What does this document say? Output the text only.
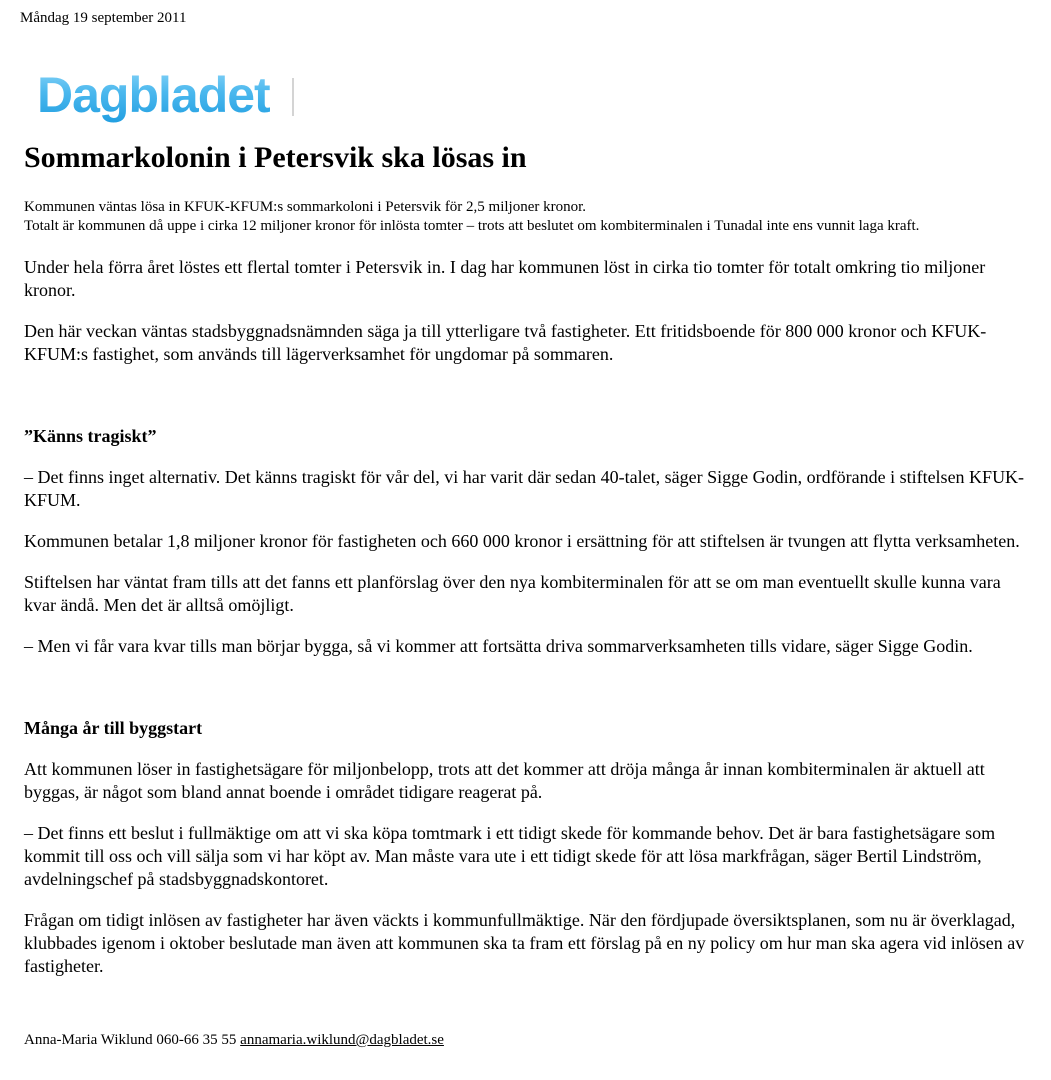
Måndag 19 september 2011
Dagbladet
Sommarkolonin i Petersvik ska lösas in

Kommunen väntas lösa in KFUK-KFUM:s sommarkoloni i Petersvik för 2,5 miljoner kronor.

Totalt är kommunen då uppe i cirka 12 miljoner kronor för inlösta tomter – trots att beslutet om kombiterminalen i Tunadal inte ens vunnit laga kraft.

Under hela förra året löstes ett flertal tomter i Petersvik in. I dag har kommunen löst in cirka tio tomter för totalt omkring tio miljoner kronor.

Den här veckan väntas stadsbyggnadsnämnden säga ja till ytterligare två fastigheter. Ett fritidsboende för 800 000 kronor och KFUK-KFUM:s fastighet, som används till lägerverksamhet för ungdomar på sommaren.

”Känns tragiskt”

– Det finns inget alternativ. Det känns tragiskt för vår del, vi har varit där sedan 40-talet, säger Sigge Godin, ordförande i stiftelsen KFUK-KFUM.

Kommunen betalar 1,8 miljoner kronor för fastigheten och 660 000 kronor i ersättning för att stiftelsen är tvungen att flytta verksamheten.

Stiftelsen har väntat fram tills att det fanns ett planförslag över den nya kombiterminalen för att se om man eventuellt skulle kunna vara kvar ändå. Men det är alltså omöjligt.

– Men vi får vara kvar tills man börjar bygga, så vi kommer att fortsätta driva sommarverksamheten tills vidare, säger Sigge Godin.

Många år till byggstart

Att kommunen löser in fastighetsägare för miljonbelopp, trots att det kommer att dröja många år innan kombiterminalen är aktuell att byggas, är något som bland annat boende i området tidigare reagerat på.

– Det finns ett beslut i fullmäktige om att vi ska köpa tomtmark i ett tidigt skede för kommande behov. Det är bara fastighetsägare som kommit till oss och vill sälja som vi har köpt av. Man måste vara ute i ett tidigt skede för att lösa markfrågan, säger Bertil Lindström, avdelningschef på stadsbyggnadskontoret.

Frågan om tidigt inlösen av fastigheter har även väckts i kommunfullmäktige. När den fördjupade översiktsplanen, som nu är överklagad, klubbades igenom i oktober beslutade man även att kommunen ska ta fram ett förslag på en ny policy om hur man ska agera vid inlösen av fastigheter.

Anna-Maria Wiklund 060-66 35 55 annamaria.wiklund@dagbladet.se
